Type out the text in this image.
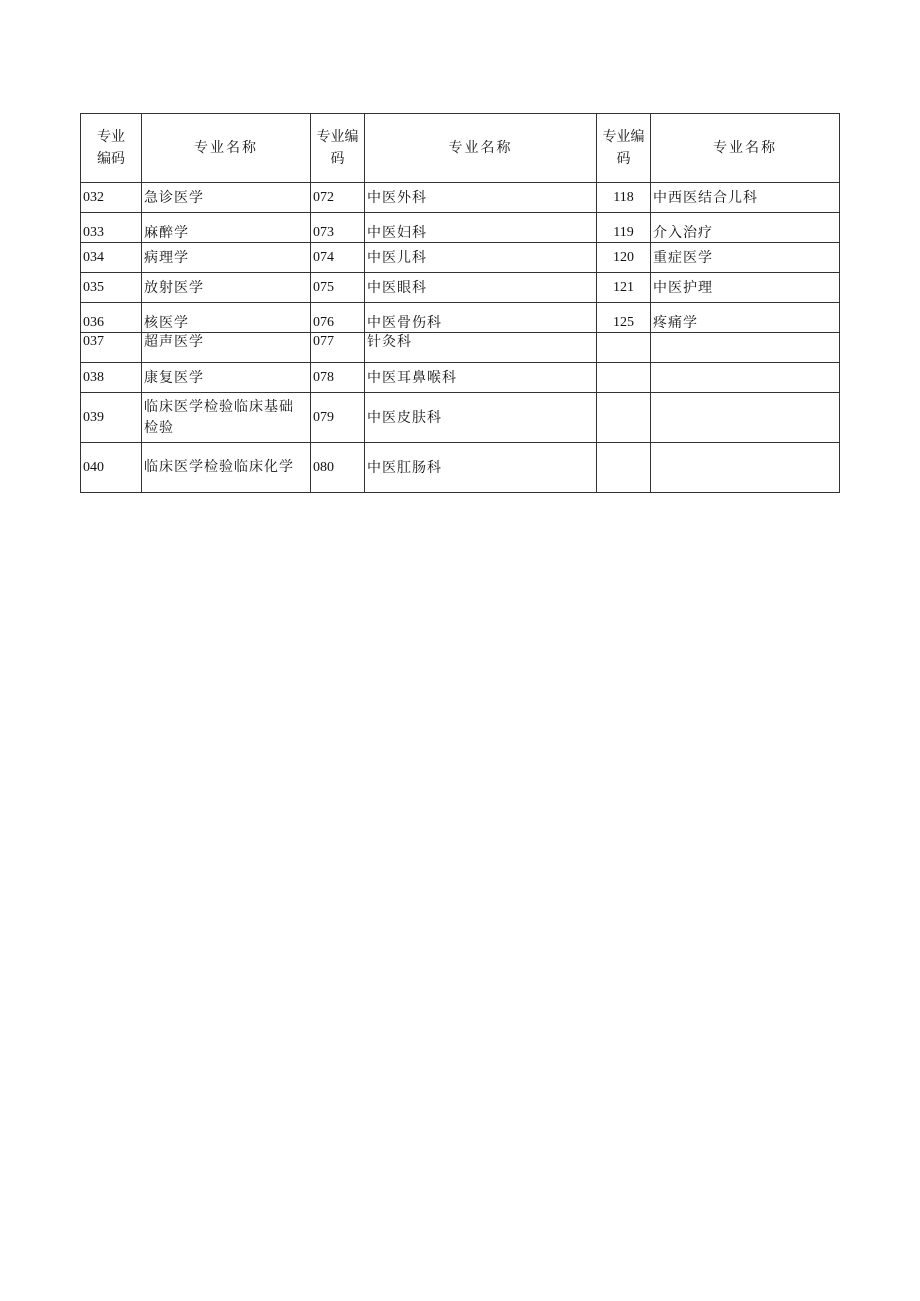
专业编码	专业名称	专业编码	专业名称	专业编码	专业名称
032	急诊医学	072	中医外科	118	中西医结合儿科
033	麻醉学	073	中医妇科	119	介入治疗
034	病理学	074	中医儿科	120	重症医学
035	放射医学	075	中医眼科	121	中医护理
036	核医学	076	中医骨伤科	125	疼痛学
037	超声医学	077	针灸科		
038	康复医学	078	中医耳鼻喉科		
039	临床医学检验临床基础检验	079	中医皮肤科		
040	临床医学检验临床化学	080	中医肛肠科		
